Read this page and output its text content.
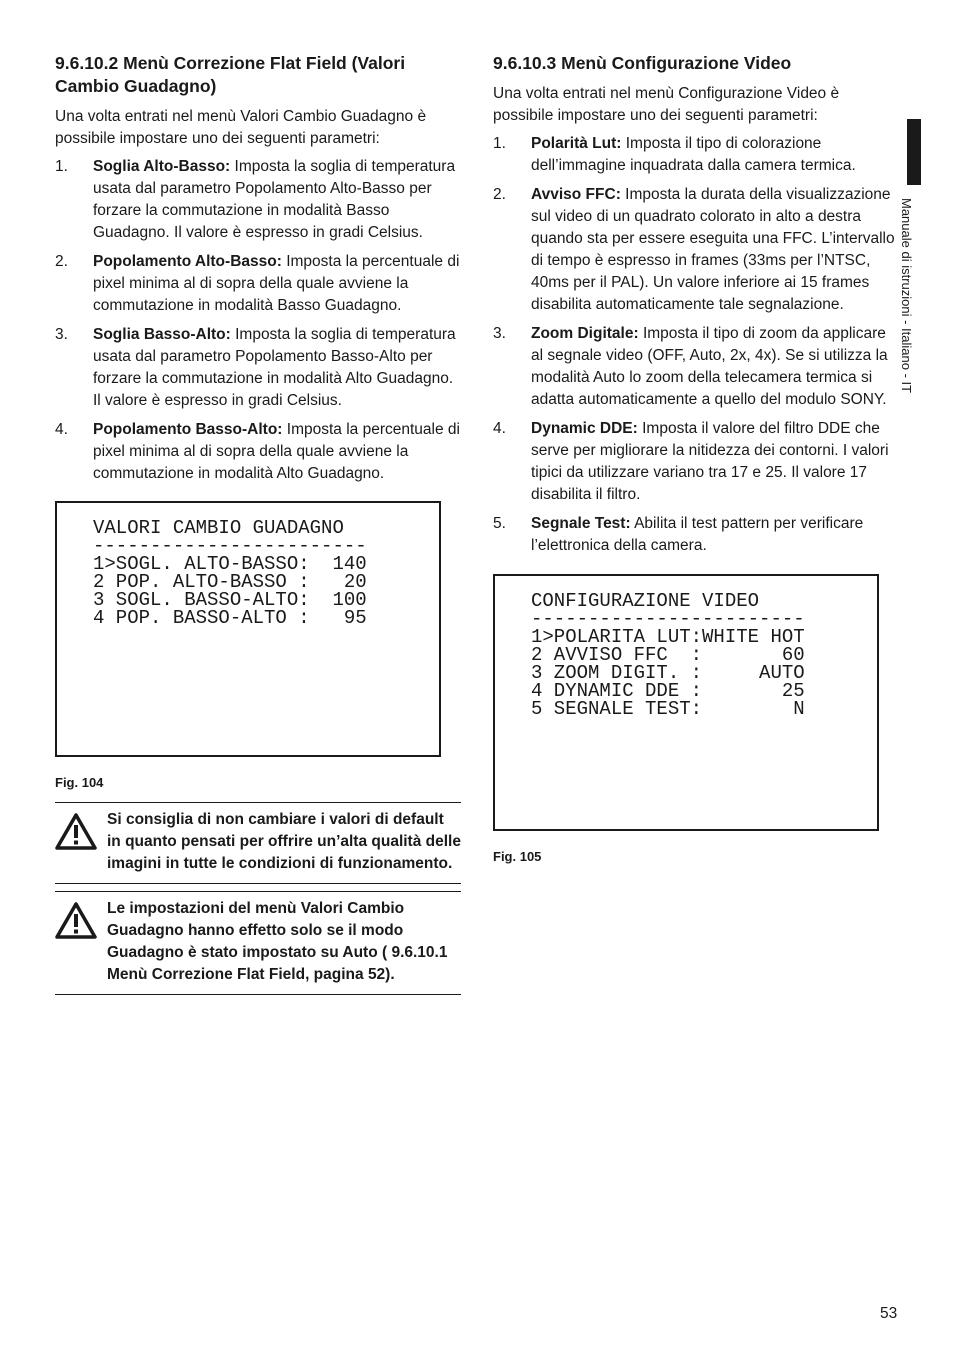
9.6.10.2 Menù Correzione Flat Field (Valori Cambio Guadagno)

Una volta entrati nel menù Valori Cambio Guadagno è possibile impostare uno dei seguenti parametri:

1. Soglia Alto-Basso: Imposta la soglia di temperatura usata dal parametro Popolamento Alto-Basso per forzare la commutazione in modalità Basso Guadagno. Il valore è espresso in gradi Celsius.
2. Popolamento Alto-Basso: Imposta la percentuale di pixel minima al di sopra della quale avviene la commutazione in modalità Basso Guadagno.
3. Soglia Basso-Alto: Imposta la soglia di temperatura usata dal parametro Popolamento Basso-Alto per forzare la commutazione in modalità Alto Guadagno. Il valore è espresso in gradi Celsius.
4. Popolamento Basso-Alto: Imposta la percentuale di pixel minima al di sopra della quale avviene la commutazione in modalità Alto Guadagno.
VALORI CAMBIO GUADAGNO
------------------------
1>SOGL. ALTO-BASSO:  140
2 POP. ALTO-BASSO :   20
3 SOGL. BASSO-ALTO:  100
4 POP. BASSO-ALTO :   95
Fig. 104
Si consiglia di non cambiare i valori di default in quanto pensati per offrire un’alta qualità delle imagini in tutte le condizioni di funzionamento.
Le impostazioni del menù Valori Cambio Guadagno hanno effetto solo se il modo Guadagno è stato impostato su Auto ( 9.6.10.1 Menù Correzione Flat Field, pagina 52).
9.6.10.3 Menù Configurazione Video

Una volta entrati nel menù Configurazione Video è possibile impostare uno dei seguenti parametri:

1. Polarità Lut: Imposta il tipo di colorazione dell’immagine inquadrata dalla camera termica.
2. Avviso FFC: Imposta la durata della visualizzazione sul video di un quadrato colorato in alto a destra quando sta per essere eseguita una FFC. L’intervallo di tempo è espresso in frames (33ms per l’NTSC, 40ms per il PAL). Un valore inferiore ai 15 frames disabilita automaticamente tale segnalazione.
3. Zoom Digitale: Imposta il tipo di zoom da applicare al segnale video (OFF, Auto, 2x, 4x). Se si utilizza la modalità Auto lo zoom della telecamera termica si adatta automaticamente a quello del modulo SONY.
4. Dynamic DDE: Imposta il valore del filtro DDE che serve per migliorare la nitidezza dei contorni. I valori tipici da utilizzare variano tra 17 e 25. Il valore 17 disabilita il filtro.
5. Segnale Test: Abilita il test pattern per verificare l’elettronica della camera.
CONFIGURAZIONE VIDEO
------------------------
1>POLARITA LUT:WHITE HOT
2 AVVISO FFC  :       60
3 ZOOM DIGIT. :     AUTO
4 DYNAMIC DDE :       25
5 SEGNALE TEST:        N
Fig. 105
Manuale di istruzioni - Italiano - IT
53
